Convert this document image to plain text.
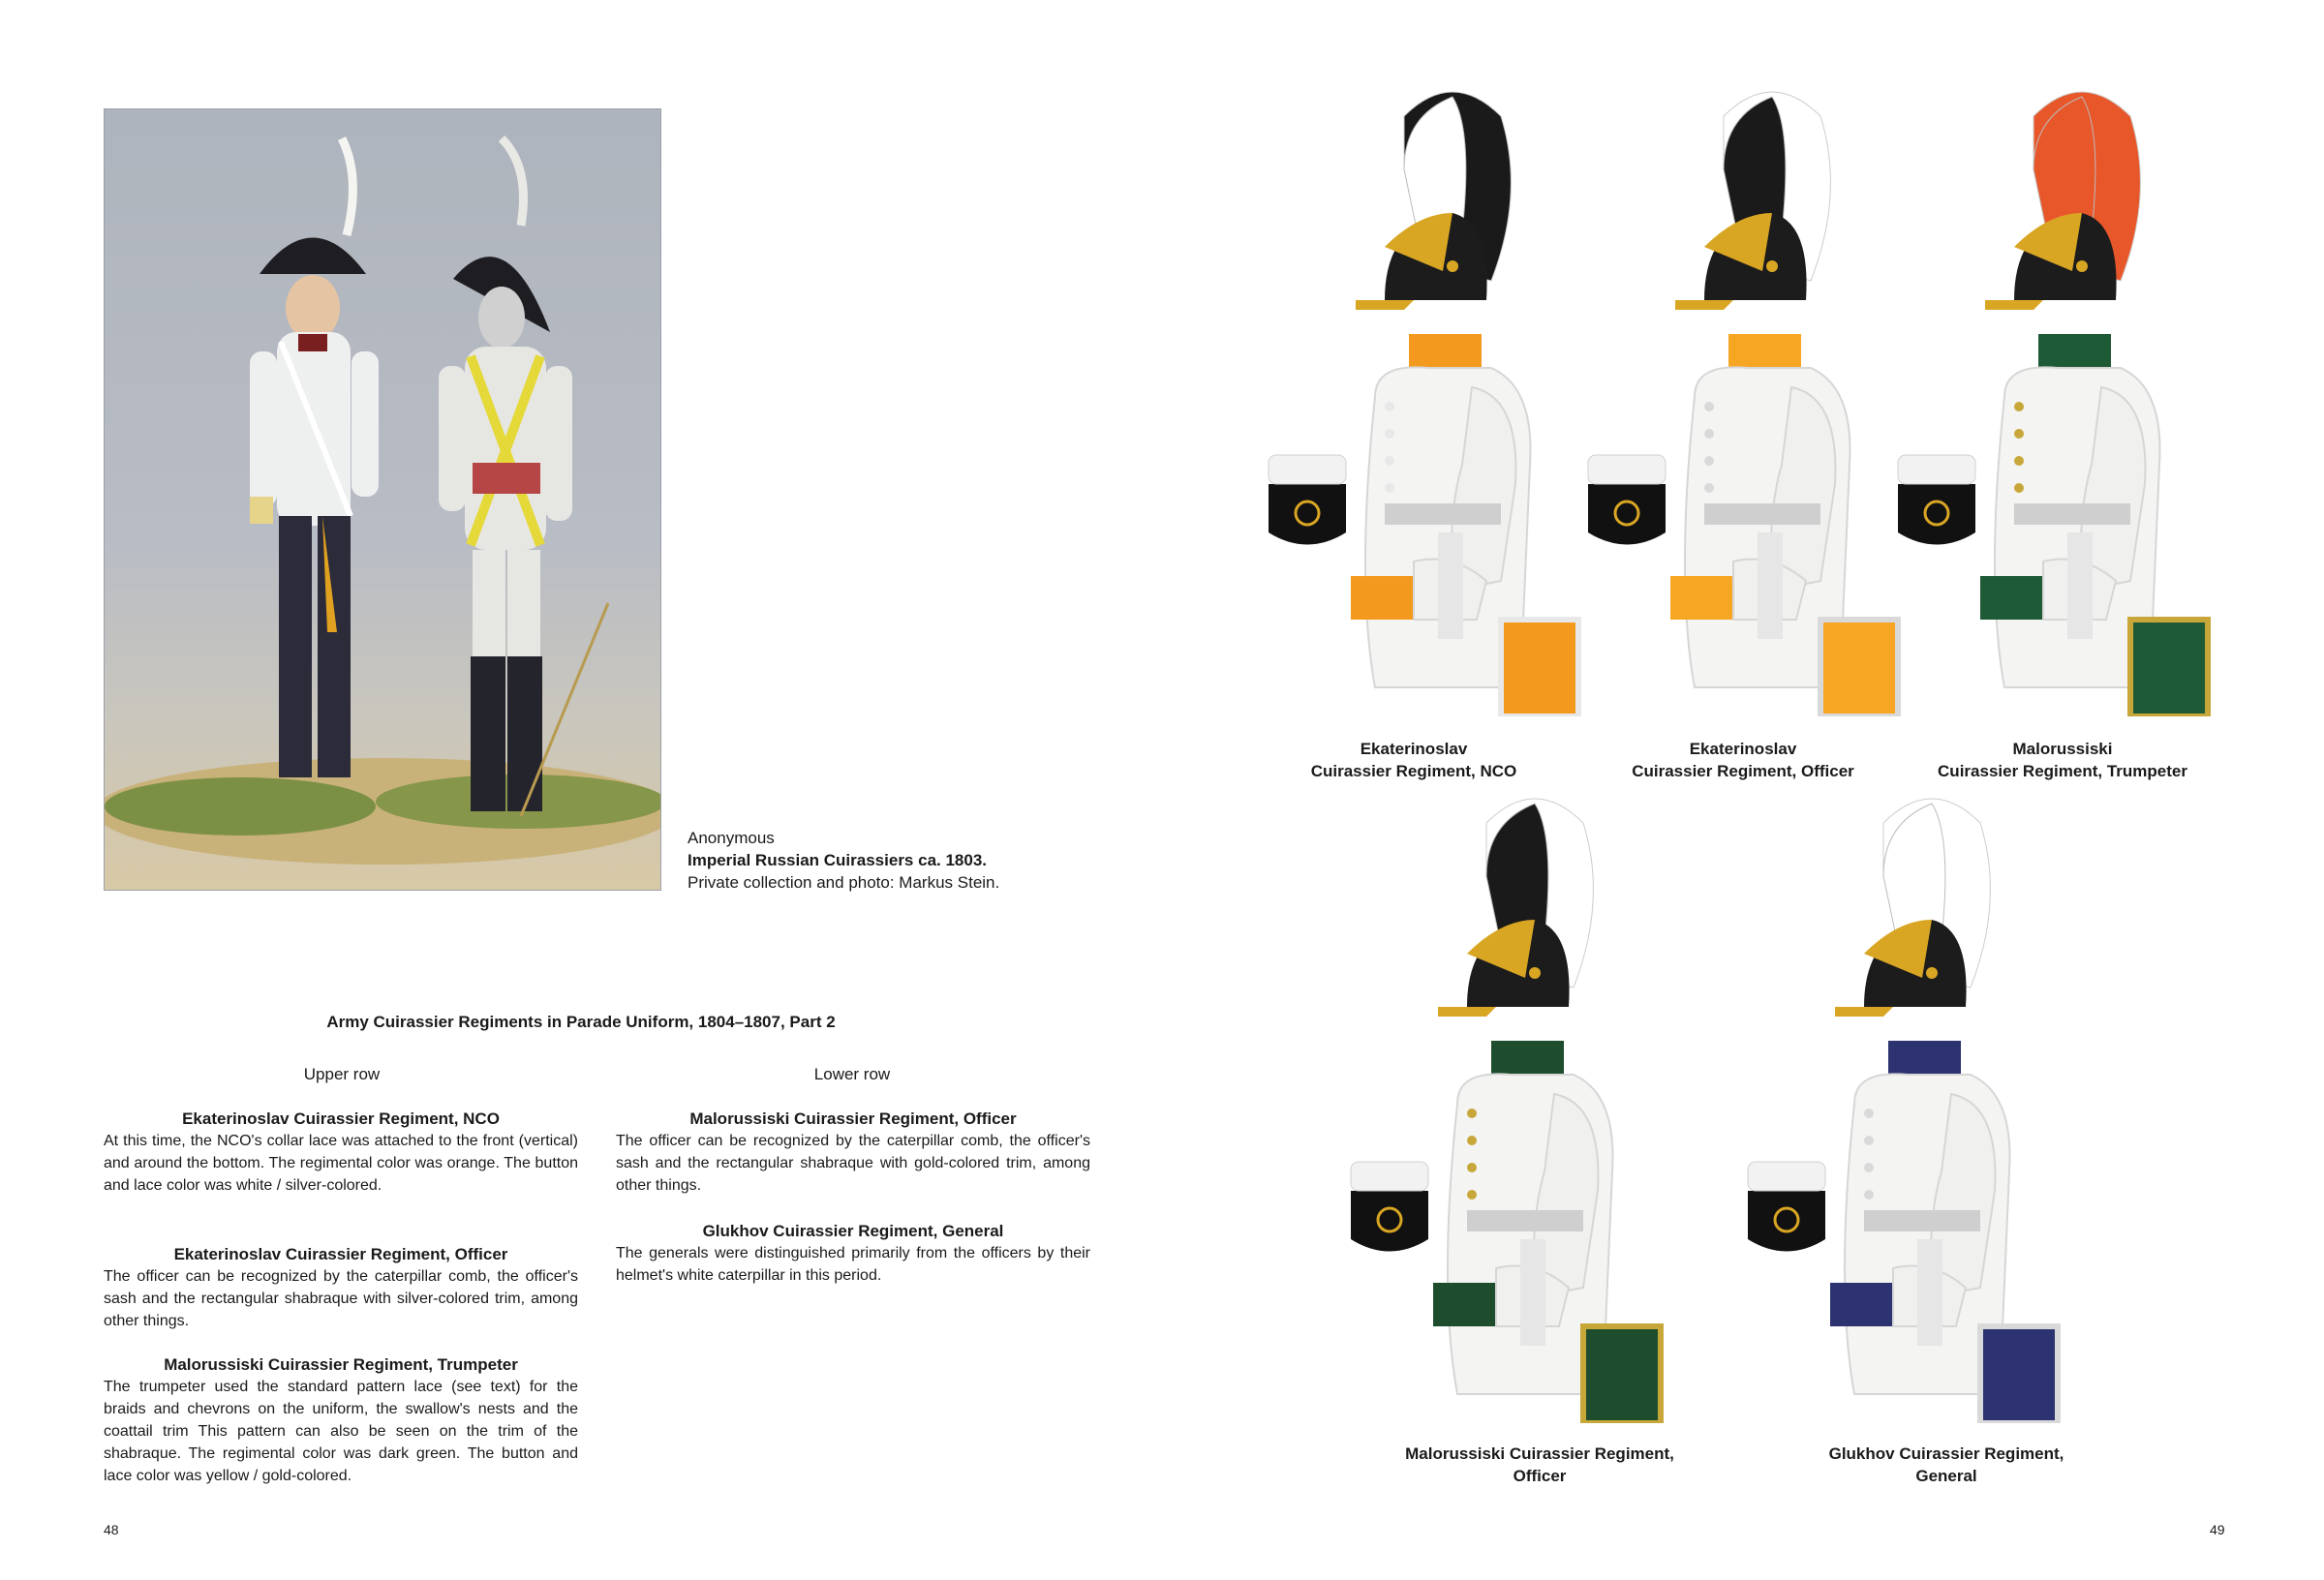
Anonymous
Imperial Russian Cuirassiers ca. 1803.
Private collection and photo: Markus Stein.
Army Cuirassier Regiments in Parade Uniform, 1804–1807, Part 2
Upper row	Lower row
Ekaterinoslav Cuirassier Regiment, NCO

At this time, the NCO's collar lace was attached to the front (vertical) and around the bottom. The regimental color was orange. The button and lace color was white / silver-colored.

Ekaterinoslav Cuirassier Regiment, Officer

The officer can be recognized by the caterpillar comb, the officer's sash and the rectangular shabraque with silver-colored trim, among other things.

Malorussiski Cuirassier Regiment, Trumpeter

The trumpeter used the standard pattern lace (see text) for the braids and chevrons on the uniform, the swallow's nests and the coattail trim This pattern can also be seen on the trim of the shabraque. The regimental color was dark green. The button and lace color was yellow / gold-colored.

Malorussiski Cuirassier Regiment, Officer

The officer can be recognized by the caterpillar comb, the officer's sash and the rectangular shabraque with gold-colored trim, among other things.

Glukhov Cuirassier Regiment, General

The generals were distinguished primarily from the officers by their helmet's white caterpillar in this period.

48
Ekaterinoslav
Cuirassier Regiment, NCO
Ekaterinoslav
Cuirassier Regiment, Officer
Malorussiski
Cuirassier Regiment, Trumpeter
Malorussiski Cuirassier Regiment,
Officer
Glukhov Cuirassier Regiment,
General
49
